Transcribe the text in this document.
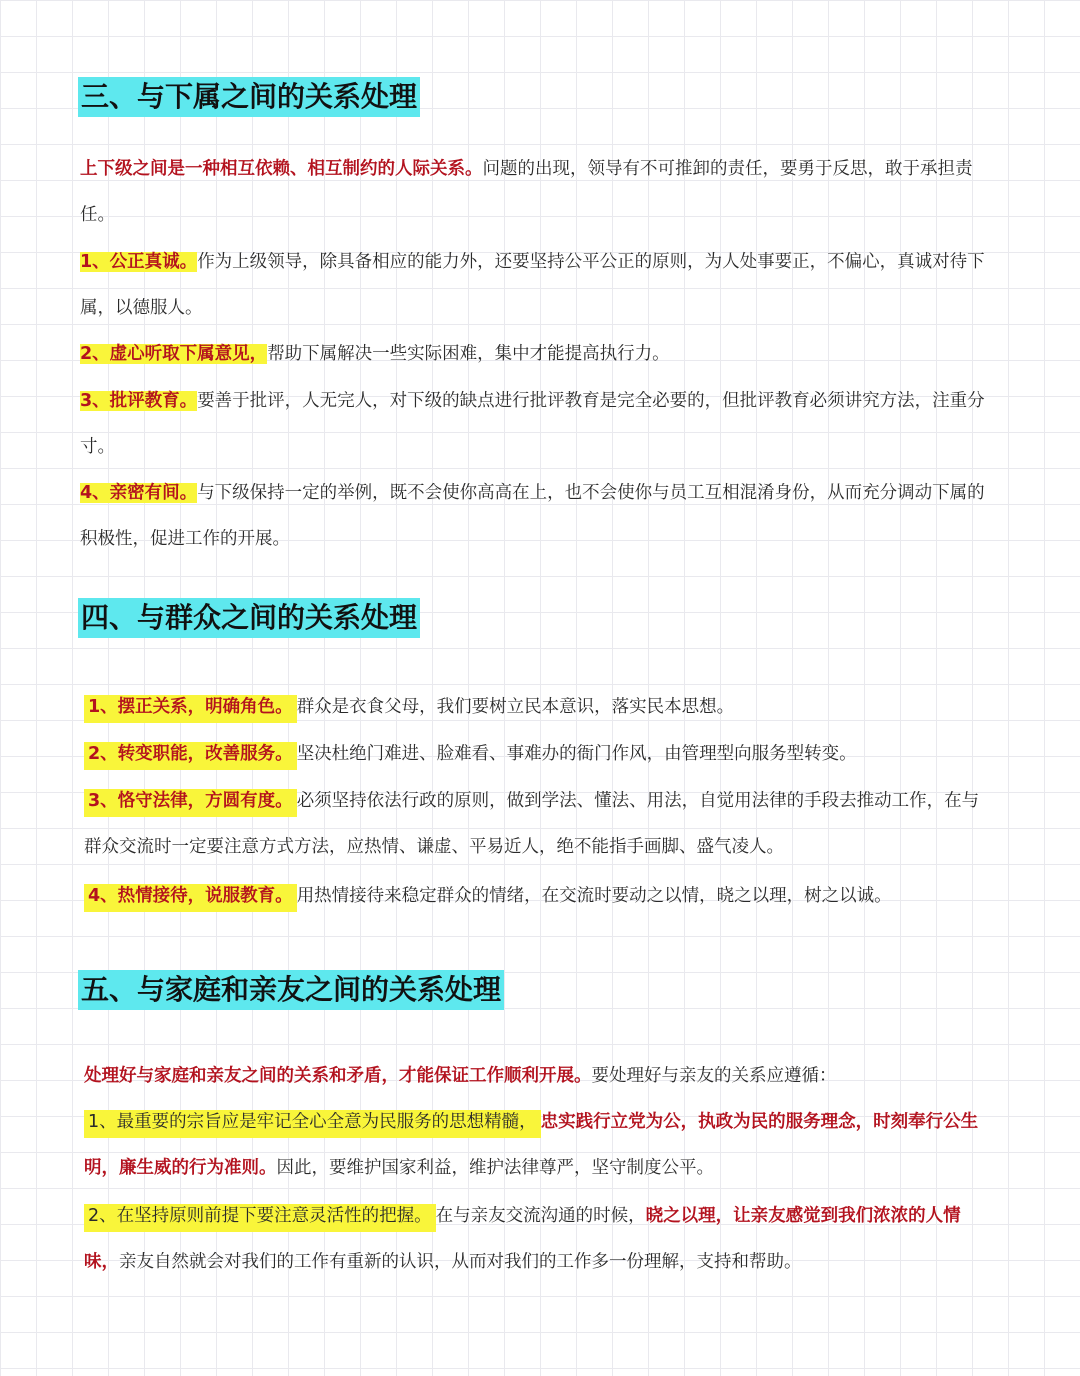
三、与下属之间的关系处理
上下级之间是一种相互依赖、相互制约的人际关系。问题的出现，领导有不可推卸的责任，要勇于反思，敢于承担责任。
1、公正真诚。作为上级领导，除具备相应的能力外，还要坚持公平公正的原则，为人处事要正，不偏心，真诚对待下属，以德服人。
2、虚心听取下属意见，帮助下属解决一些实际困难，集中才能提高执行力。
3、批评教育。要善于批评，人无完人，对下级的缺点进行批评教育是完全必要的，但批评教育必须讲究方法，注重分寸。
4、亲密有间。与下级保持一定的举例，既不会使你高高在上，也不会使你与员工互相混淆身份，从而充分调动下属的积极性，促进工作的开展。
四、与群众之间的关系处理
1、摆正关系，明确角色。 群众是衣食父母，我们要树立民本意识，落实民本思想。
2、转变职能，改善服务。 坚决杜绝门难进、脸难看、事难办的衙门作风，由管理型向服务型转变。
3、恪守法律，方圆有度。 必须坚持依法行政的原则，做到学法、懂法、用法，自觉用法律的手段去推动工作，在与群众交流时一定要注意方式方法，应热情、谦虚、平易近人，绝不能指手画脚、盛气凌人。
4、热情接待，说服教育。 用热情接待来稳定群众的情绪，在交流时要动之以情，晓之以理，树之以诚。
五、与家庭和亲友之间的关系处理
处理好与家庭和亲友之间的关系和矛盾，才能保证工作顺利开展。要处理好与亲友的关系应遵循：
1、最重要的宗旨应是牢记全心全意为民服务的思想精髓， 忠实践行立党为公，执政为民的服务理念，时刻奉行公生明，廉生威的行为准则。因此，要维护国家利益，维护法律尊严，坚守制度公平。
2、在坚持原则前提下要注意灵活性的把握。 在与亲友交流沟通的时候，晓之以理，让亲友感觉到我们浓浓的人情味，亲友自然就会对我们的工作有重新的认识，从而对我们的工作多一份理解，支持和帮助。
